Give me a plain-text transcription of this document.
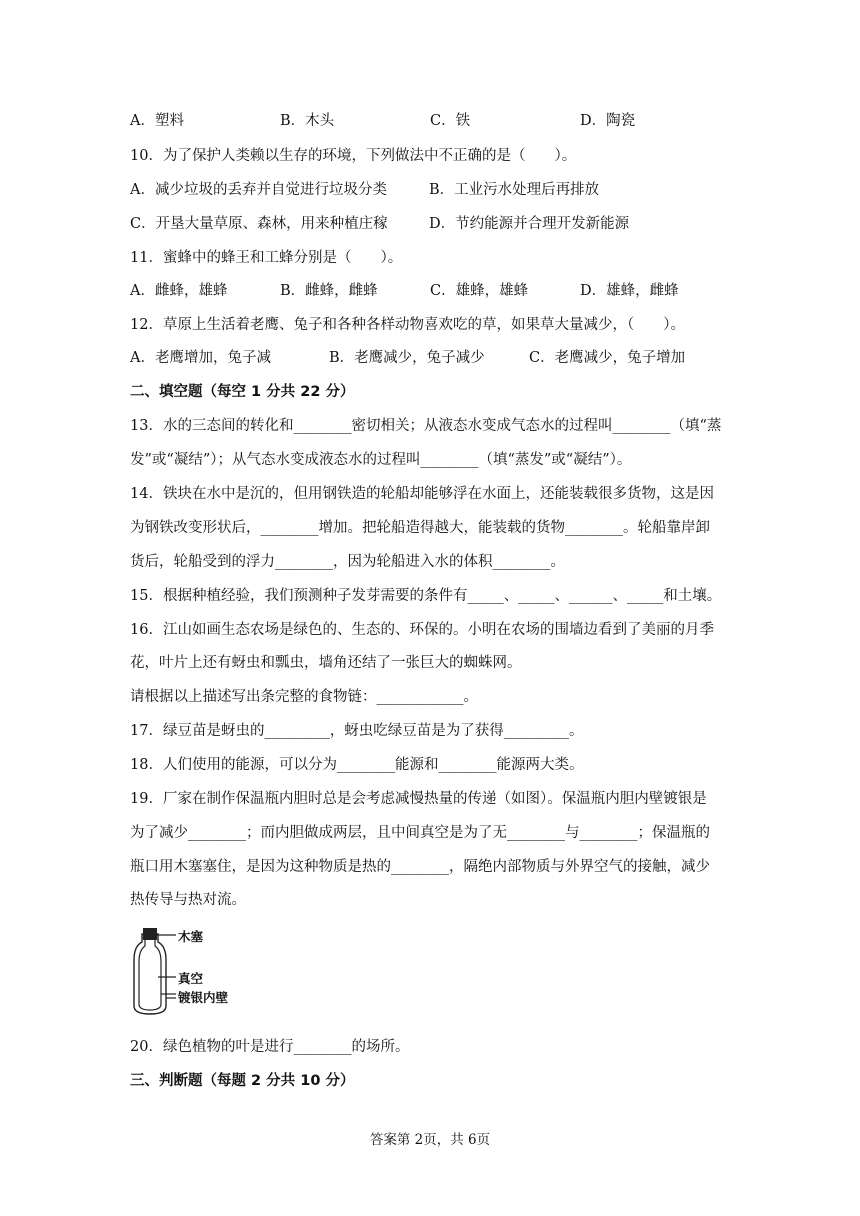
A．塑料	B．木头	C．铁	D．陶瓷
10．为了保护人类赖以生存的环境，下列做法中不正确的是（　　）。
A．减少垃圾的丢弃并自觉进行垃圾分类	B．工业污水处理后再排放
C．开垦大量草原、森林，用来种植庄稼	D．节约能源并合理开发新能源
11．蜜蜂中的蜂王和工蜂分别是（　　）。
A．雌蜂，雄蜂	B．雌蜂，雌蜂	C．雄蜂，雄蜂	D．雄蜂，雌蜂
12．草原上生活着老鹰、兔子和各种各样动物喜欢吃的草，如果草大量减少，（　　）。
A．老鹰增加，兔子减	B．老鹰减少，兔子减少	C．老鹰减少，兔子增加
二、填空题（每空 1 分共 22 分）
13．水的三态间的转化和________密切相关；从液态水变成气态水的过程叫________（填“蒸
发”或“凝结”）；从气态水变成液态水的过程叫________（填“蒸发”或“凝结”）。
14．铁块在水中是沉的，但用钢铁造的轮船却能够浮在水面上，还能装载很多货物，这是因
为钢铁改变形状后，________增加。把轮船造得越大，能装载的货物________。轮船靠岸卸
货后，轮船受到的浮力________，因为轮船进入水的体积________。
15．根据种植经验，我们预测种子发芽需要的条件有_____、_____、______、_____和土壤。
16．江山如画生态农场是绿色的、生态的、环保的。小明在农场的围墙边看到了美丽的月季
花，叶片上还有蚜虫和瓢虫，墙角还结了一张巨大的蜘蛛网。
请根据以上描述写出条完整的食物链：____________。
17．绿豆苗是蚜虫的_________，蚜虫吃绿豆苗是为了获得_________。
18．人们使用的能源，可以分为________能源和________能源两大类。
19．厂家在制作保温瓶内胆时总是会考虑减慢热量的传递（如图）。保温瓶内胆内壁镀银是
为了减少________；而内胆做成两层，且中间真空是为了无________与________；保温瓶的
瓶口用木塞塞住，是因为这种物质是热的________，隔绝内部物质与外界空气的接触，减少
热传导与热对流。
木塞
真空
镀银内壁
20．绿色植物的叶是进行________的场所。
三、判断题（每题 2 分共 10 分）
答案第 2页，共 6页
